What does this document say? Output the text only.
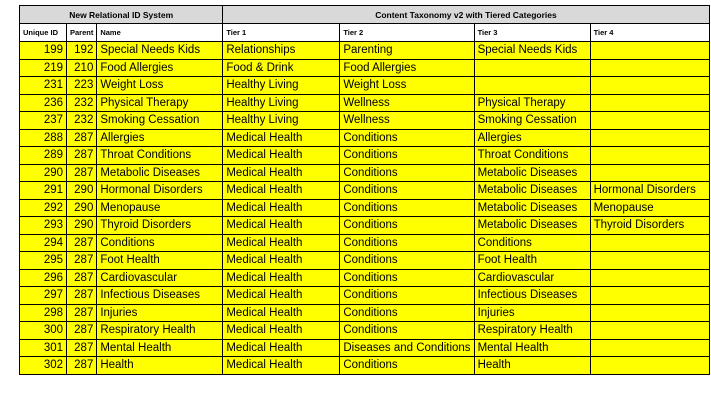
New Relational ID System			Content Taxonomy v2 with Tiered Categories			
Unique ID	Parent	Name	Tier 1	Tier 2	Tier 3	Tier 4
199	192	Special Needs Kids	Relationships	Parenting	Special Needs Kids	
219	210	Food Allergies	Food & Drink	Food Allergies		
231	223	Weight Loss	Healthy Living	Weight Loss		
236	232	Physical Therapy	Healthy Living	Wellness	Physical Therapy	
237	232	Smoking Cessation	Healthy Living	Wellness	Smoking Cessation	
288	287	Allergies	Medical Health	Conditions	Allergies	
289	287	Throat Conditions	Medical Health	Conditions	Throat Conditions	
290	287	Metabolic Diseases	Medical Health	Conditions	Metabolic Diseases	
291	290	Hormonal Disorders	Medical Health	Conditions	Metabolic Diseases	Hormonal Disorders
292	290	Menopause	Medical Health	Conditions	Metabolic Diseases	Menopause
293	290	Thyroid Disorders	Medical Health	Conditions	Metabolic Diseases	Thyroid Disorders
294	287	Conditions	Medical Health	Conditions	Conditions	
295	287	Foot Health	Medical Health	Conditions	Foot Health	
296	287	Cardiovascular	Medical Health	Conditions	Cardiovascular	
297	287	Infectious Diseases	Medical Health	Conditions	Infectious Diseases	
298	287	Injuries	Medical Health	Conditions	Injuries	
300	287	Respiratory Health	Medical Health	Conditions	Respiratory Health	
301	287	Mental Health	Medical Health	Diseases and Conditions	Mental Health	
302	287	Health	Medical Health	Conditions	Health	
